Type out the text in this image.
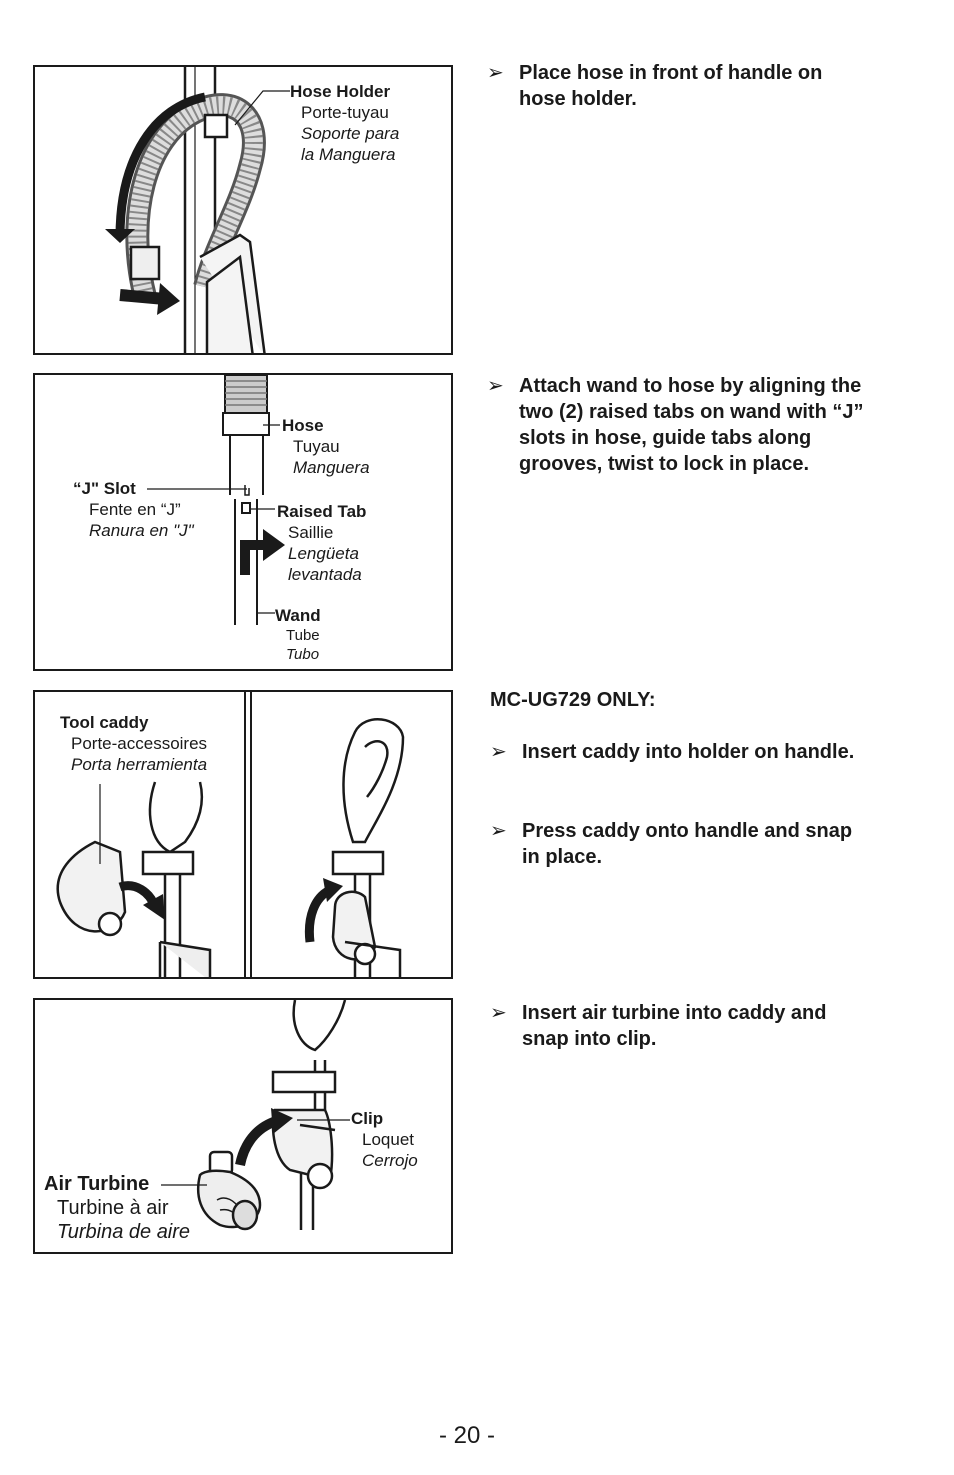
Hose Holder
Porte-tuyau
Soporte para
la Manguera
➢ Place hose in front of handle on
hose holder.
Hose
Tuyau
Manguera
“J" Slot
Fente en “J”
Ranura en "J"
Raised Tab
Saillie
Lengüeta
levantada
Wand
Tube
Tubo
➢ Attach wand to hose by aligning the
two (2) raised tabs on wand with “J”
slots in hose, guide tabs along
grooves, twist to lock in place.
Tool caddy
Porte-accessoires
Porta herramienta
MC-UG729 ONLY:
➢ Insert caddy into holder on handle.
➢ Press caddy onto handle and snap
in place.
Clip
Loquet
Cerrojo
Air Turbine
Turbine à air
Turbina de aire
➢ Insert air turbine into caddy and
snap into clip.
- 20 -
